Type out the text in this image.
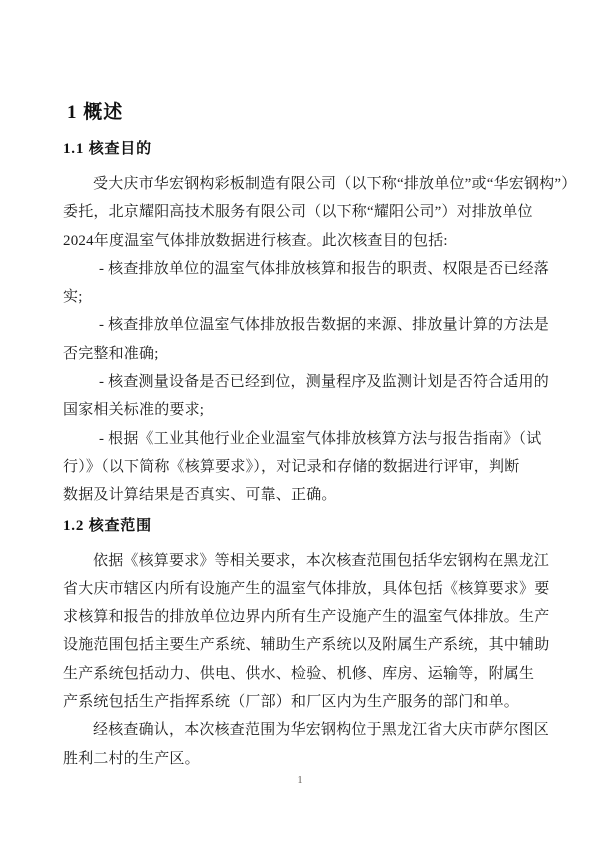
1 概述
1.1 核查目的
受大庆市华宏钢构彩板制造有限公司（以下称“排放单位”或“华宏钢构”）
委托，北京耀阳高技术服务有限公司（以下称“耀阳公司”）对排放单位
2024年度温室气体排放数据进行核查。此次核查目的包括:
- 核查排放单位的温室气体排放核算和报告的职责、权限是否已经落
实;
- 核查排放单位温室气体排放报告数据的来源、排放量计算的方法是
否完整和准确;
- 核查测量设备是否已经到位，测量程序及监测计划是否符合适用的
国家相关标准的要求;
- 根据《工业其他行业企业温室气体排放核算方法与报告指南》（试
行）》（以下简称《核算要求》），对记录和存储的数据进行评审，判断
数据及计算结果是否真实、可靠、正确。
1.2 核查范围
依据《核算要求》等相关要求，本次核查范围包括华宏钢构在黑龙江
省大庆市辖区内所有设施产生的温室气体排放，具体包括《核算要求》要
求核算和报告的排放单位边界内所有生产设施产生的温室气体排放。生产
设施范围包括主要生产系统、辅助生产系统以及附属生产系统，其中辅助
生产系统包括动力、供电、供水、检验、机修、库房、运输等，附属生
产系统包括生产指挥系统（厂部）和厂区内为生产服务的部门和单。
经核查确认，本次核查范围为华宏钢构位于黑龙江省大庆市萨尔图区
胜利二村的生产区。
1
